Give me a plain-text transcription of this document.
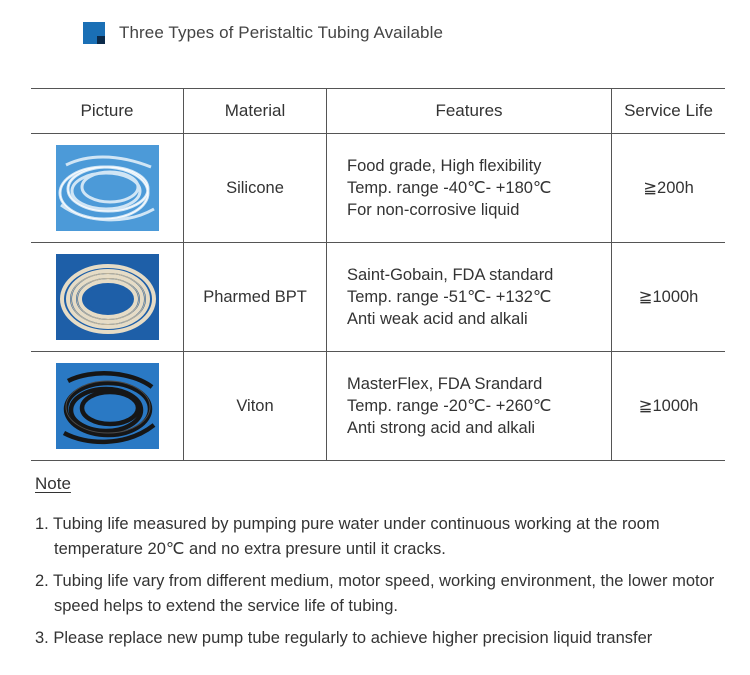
Three Types of Peristaltic Tubing Available
Picture	Material	Features	Service Life

	Silicone	Food grade, High flexibility
Temp. range -40℃- +180℃
For non-corrosive liquid	≧200h

	Pharmed BPT	Saint-Gobain, FDA standard
Temp. range -51℃- +132℃
Anti weak acid and alkali	≧1000h

	Viton	MasterFlex, FDA Srandard
Temp. range -20℃- +260℃
Anti strong acid and alkali	≧1000h
Note
1. Tubing life measured by pumping pure water under continuous working at the room temperature 20℃ and no extra presure until it cracks.
2. Tubing life vary from different medium, motor speed, working environment, the lower motor speed helps to extend the service life of tubing.
3. Please replace new pump tube regularly to achieve higher precision liquid transfer
